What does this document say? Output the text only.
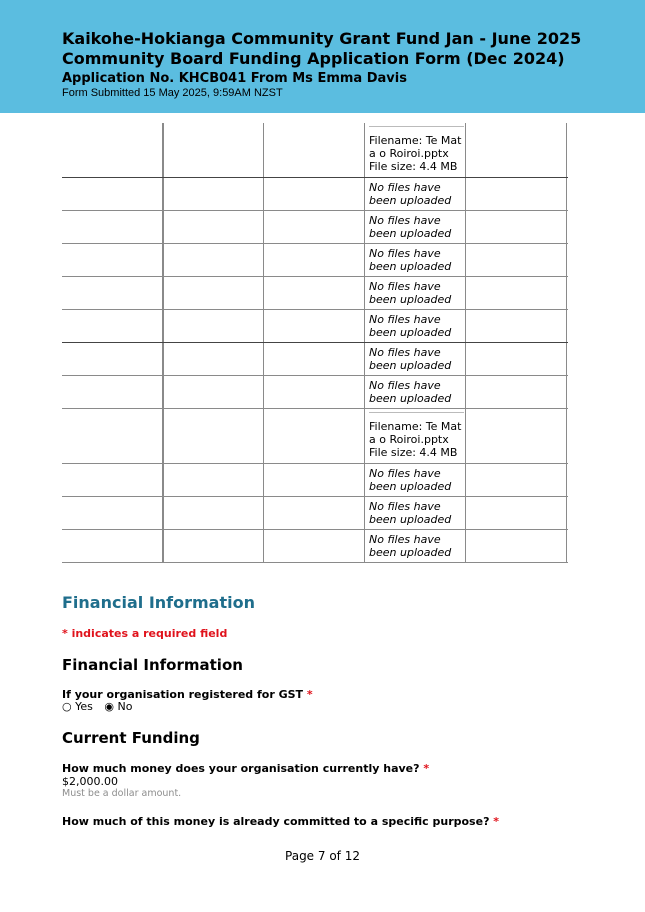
Kaikohe-Hokianga Community Grant Fund Jan - June 2025
Community Board Funding Application Form (Dec 2024)
Application No. KHCB041 From Ms Emma Davis
Form Submitted 15 May 2025, 9:59AM NZST
Filename: Te Mat
a o Roiroi.pptx
File size: 4.4 MB
No files have
been uploaded
No files have
been uploaded
No files have
been uploaded
No files have
been uploaded
No files have
been uploaded
No files have
been uploaded
No files have
been uploaded
Filename: Te Mat
a o Roiroi.pptx
File size: 4.4 MB
No files have
been uploaded
No files have
been uploaded
No files have
been uploaded
Financial Information
* indicates a required field
Financial Information
If your organisation registered for GST *
○ Yes ◉ No
Current Funding
How much money does your organisation currently have? *
$2,000.00
Must be a dollar amount.
How much of this money is already committed to a specific purpose? *
Page 7 of 12
